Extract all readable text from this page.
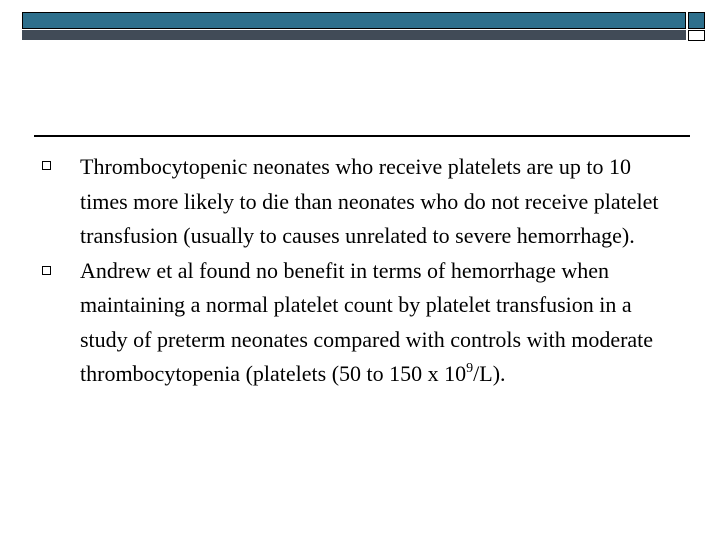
Thrombocytopenic neonates who receive platelets are up to 10 times more likely to die than neonates who do not receive platelet transfusion (usually to causes unrelated to severe hemorrhage).
Andrew et al found no benefit in terms of hemorrhage when maintaining a normal platelet count by platelet transfusion in a study of preterm neonates compared with controls with moderate thrombocytopenia (platelets (50 to 150 x $10^9/L$).
